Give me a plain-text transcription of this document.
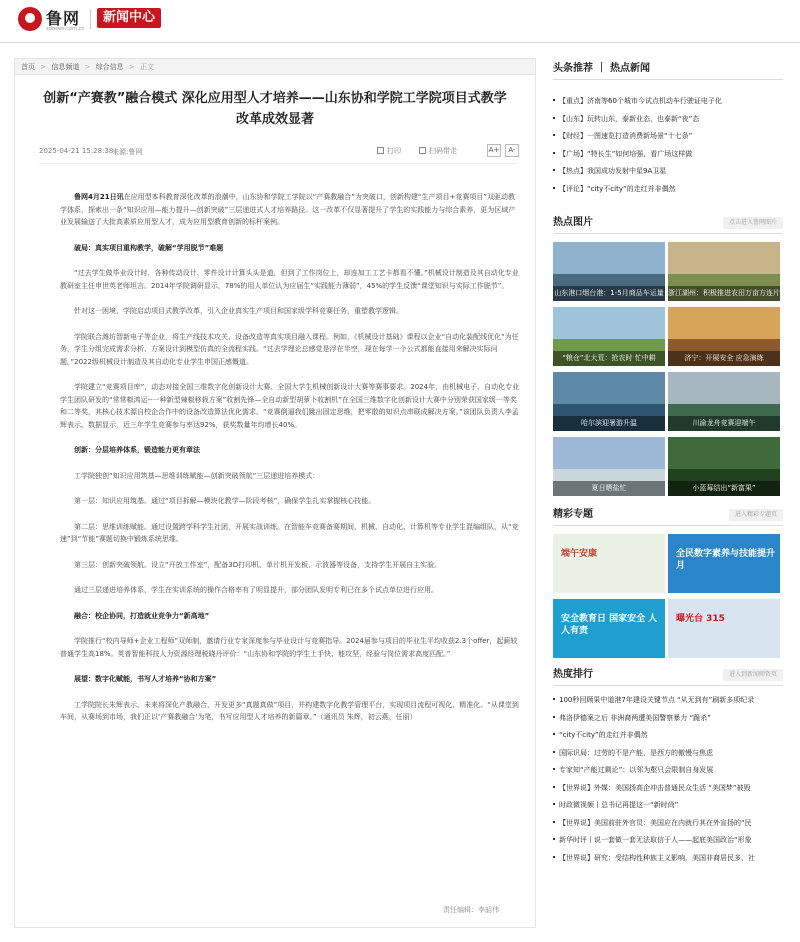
鲁网
sdnews.com.cn
新闻中心
首页 > 信息频道 > 综合信息 > 正文
创新“产赛教”融合模式 深化应用型人才培养——山东协和学院工学院项目式教学改革成效显著
2025-04-21 15:28:38
来源:鲁网	打印	扫码带走	A+	A-

鲁网4月21日讯在应用型本科教育深化改革的浪潮中，山东协和学院工学院以“产赛教融合”为突破口，创新构建“生产项目+竞赛项目”双驱动教学体系，探索出一条“知识应用—能力提升—创新突破”三层递进式人才培养路径。这一改革不仅显著提升了学生的实践能力与综合素养，更为区域产业发展输送了大批高素质应用型人才，成为应用型教育创新的标杆案例。

破局：真实项目重构教学，破解“学用脱节”难题

“过去学生做毕业设计时，各种传动设计、零件设计计算头头是道，但到了工作岗位上，却连加工工艺卡都看不懂。”机械设计制造及其自动化专业教研室主任申世英老师坦言。2014年学院调研显示，78%的用人单位认为应届生“实践能力薄弱”，45%的学生反馈“课堂知识与实际工作脱节”。

针对这一困境，学院启动项目式教学改革，引入企业真实生产项目和国家级学科竞赛任务，重塑教学逻辑。

学院联合潍坊智新电子等企业，将生产线技术攻关、设备改造等真实项目融入课程。例如，《机械设计基础》课程以企业“自动化装配线优化”为任务，学生分组完成需求分析、方案设计到模型仿真的全流程实践。“过去学理论总感觉是浮在半空，现在每学一个公式都能直接用来解决实际问题。”2022级机械设计制造及其自动化专业学生申国正感慨道。

学院建立“竞赛项目库”，动态对接全国三维数字化创新设计大赛、全国大学生机械创新设计大赛等赛事要求。2024年，由机械电子、自动化专业学生团队研发的“常常椒鸿运--一种新型辣椒移栽方案”收割先锋—全自动新型胡萝卜收割机”在全国三维数字化创新设计大赛中分别荣获国家级一等奖和二等奖，其核心技术源自校企合作中的设备改造算法优化需求。“竞赛倒逼我们跳出固定思维，把零散的知识点串联成解决方案。”该团队负责人李孟辉表示。数据显示，近三年学生竞赛参与率达92%，获奖数量年均增长40%。

创新：分层培养体系，锻造能力更有章法

工学院独创“知识应用筑基—思维训练赋能—创新突破领航”三层递进培养模式：

第一层：知识应用筑基。通过“项目拆解—模块化教学—阶段考核”，确保学生扎实掌握核心技能。

第二层：思维训练赋能。通过设置跨学科学生社团，开展实战训练。在智能车竞赛备赛期间，机械、自动化、计算机等专业学生混编组队，从“竞速”到“节能”赛题切换中锻炼系统思维。

第三层：创新突破领航。设立“开放工作室”，配备3D打印机、单片机开发板、示波器等设备，支持学生开展自主实验。

通过三层递进培养体系，学生在实训系统的操作合格率有了明显提升，部分团队发明专利已在多个试点单位进行应用。

融合：校企协同，打造就业竞争力“新高地”

学院推行“校内导师+企业工程师”双师制，邀请行业专家深度参与毕业设计与竞赛指导。2024届参与项目的毕业生平均收获2.3个offer，起薪较普通学生高18%。英普智能科技人力资源经理税晓丹评价：“山东协和学院的学生上手快、能攻坚，经验与岗位需求高度匹配。”

展望：数字化赋能，书写人才培养“协和方案”

工学院院长朱辉表示，未来将深化产教融合，开发更多“真题真做”项目，并构建数字化教学管理平台，实现项目流程可视化、精准化。“从课堂到车间，从赛场到市场，我们正以‘产赛教融合’为笔，书写应用型人才培养的新篇章。”（通讯员 朱辉，初云燕，任丽）

责任编辑：李韶伟
头条推荐 ｜ 热点新闻
【重点】济南等60个城市今试点机动车行驶证电子化
【山东】玩转山东，泰新业态，也泰新“夜”态
【财经】一图速览打造消费新场景“十七条”
【广场】“特长生”如何培强，看广场这样做
【热点】我国成功发射中星9A卫星
【评论】“city不city”的走红并非偶然
热点图片	点击进入鲁网图片
山东港口烟台港：1-5月商品车运量 浙江湖州：积极推进农田万亩方连片
“粮仓”北大荒：抢农时 忙中耕	济宁：开展安全 应急演练
哈尔滨迎暑游升温	川渝龙舟竞赛迎端午
夏日晒盐忙	小蓝莓结出“新富果”
精彩专题	进入精彩专题页
端午安康	全民数字素养与技能提升月
安全教育日 国家安全 人人有责
曝光台 315
热度排行	进入到新闻师资页
100秒回顾果中道港7年建设关键节点 “从无到有”刷新多项纪录
弗洛伊德案之后 非洲裔两遭美国警察暴力 “跪杀”
“city不city”的走红并非偶然
国际识局：过劳的不是产能，是西方的傲慢与焦虑
专家知“产能过剩论”：以邻为壑只会限制自身发展
【世界说】外媒：美国扬高企冲击普通民众生活 “美国梦”被毁
时政微视频丨总书记再提这一“新时尚”
【世界说】美国前驻外官员：美国应在内就行其在外宣扬的“民
新华时评丨说一套做一套无法取信于人——起底美国政治“形象
【世界说】研究：受结构性种族主义影响，美国非裔居民多、社
